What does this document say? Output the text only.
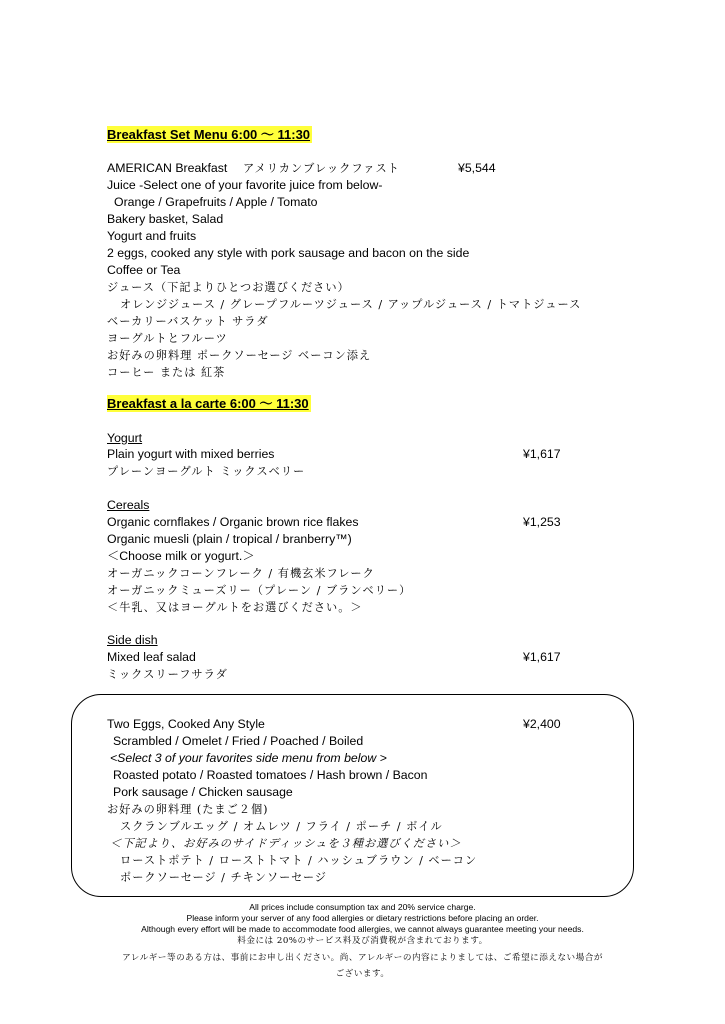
Breakfast Set Menu 6:00 ～ 11:30
AMERICAN Breakfast アメリカンブレックファスト	¥5,544
Juice -Select one of your favorite juice from below-
Orange / Grapefruits / Apple / Tomato
Bakery basket, Salad
Yogurt and fruits
2 eggs, cooked any style with pork sausage and bacon on the side
Coffee or Tea
ジュース（下記よりひとつお選びください）
オレンジジュース / グレープフルーツジュース / アップルジュース / トマトジュース
ベーカリーバスケット サラダ
ヨーグルトとフルーツ
お好みの卵料理 ポークソーセージ ベーコン添え
コーヒー または 紅茶
Breakfast a la carte 6:00 ～ 11:30
Yogurt
Plain yogurt with mixed berries	¥1,617
プレーンヨーグルト ミックスベリー
Cereals
Organic cornflakes / Organic brown rice flakes	¥1,253
Organic muesli (plain / tropical / branberry™)
＜Choose milk or yogurt.＞
オーガニックコーンフレーク / 有機玄米フレーク
オーガニックミューズリー（プレーン / ブランベリー）
＜牛乳、又はヨーグルトをお選びください。＞
Side dish
Mixed leaf salad	¥1,617
ミックスリーフサラダ
Two Eggs, Cooked Any Style	¥2,400
Scrambled / Omelet / Fried / Poached / Boiled
<Select 3 of your favorites side menu from below >
Roasted potato / Roasted tomatoes / Hash brown / Bacon
Pork sausage / Chicken sausage
お好みの卵料理 (たまご２個)
スクランブルエッグ / オムレツ / フライ / ポーチ / ボイル
＜下記より、お好みのサイドディッシュを３種お選びください＞
ローストポテト / ローストトマト / ハッシュブラウン / ベーコン
ポークソーセージ / チキンソーセージ
All prices include consumption tax and 20% service charge.
Please inform your server of any food allergies or dietary restrictions before placing an order.
Although every effort will be made to accommodate food allergies, we cannot always guarantee meeting your needs.
料金には 20%のサービス料及び消費税が含まれております。
アレルギー等のある方は、事前にお申し出ください。尚、アレルギーの内容によりましては、ご希望に添えない場合が
ございます。
